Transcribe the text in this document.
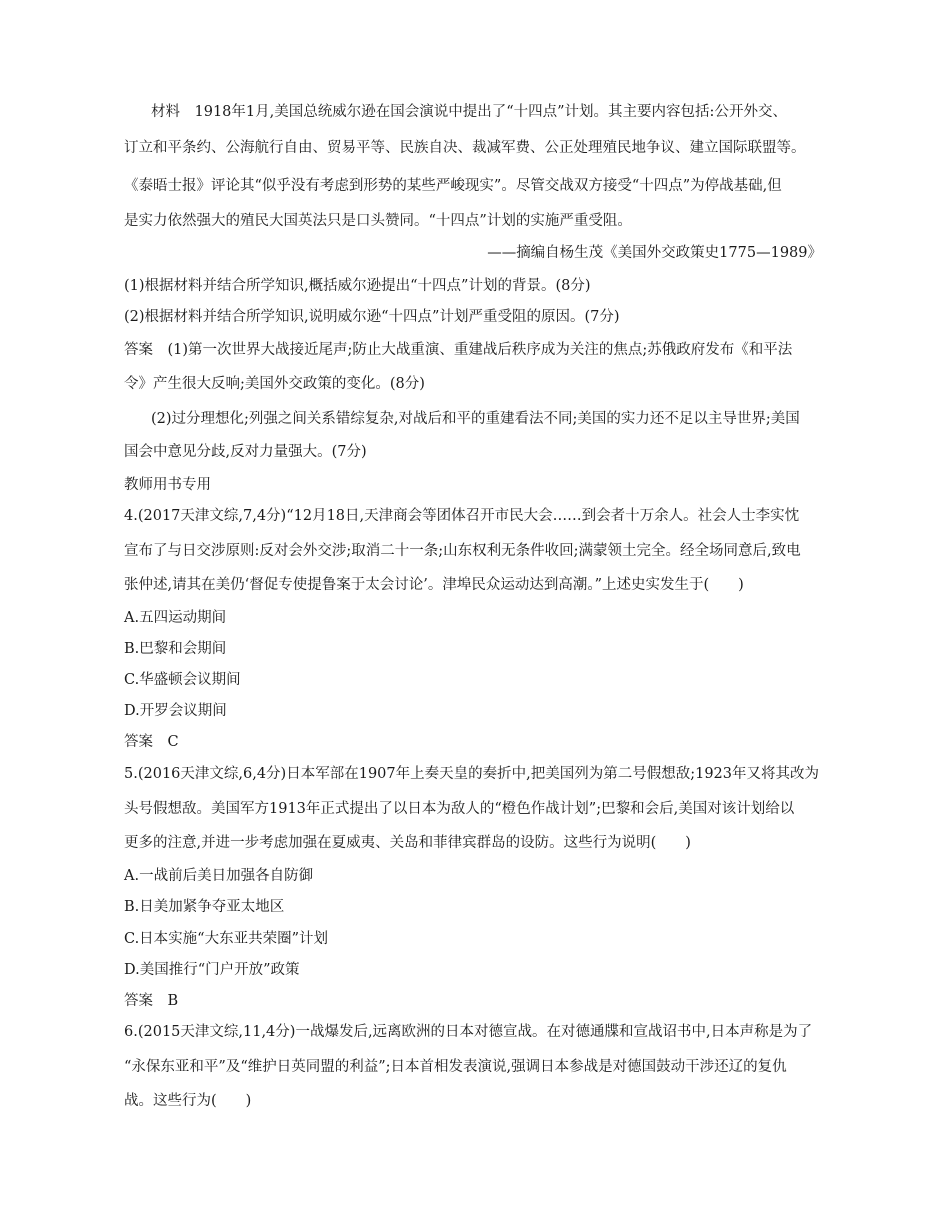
材料　1918年1月,美国总统威尔逊在国会演说中提出了“十四点”计划。其主要内容包括:公开外交、
订立和平条约、公海航行自由、贸易平等、民族自决、裁减军费、公正处理殖民地争议、建立国际联盟等。
《泰晤士报》评论其“似乎没有考虑到形势的某些严峻现实”。尽管交战双方接受“十四点”为停战基础,但
是实力依然强大的殖民大国英法只是口头赞同。“十四点”计划的实施严重受阻。
——摘编自杨生茂《美国外交政策史1775—1989》
(1)根据材料并结合所学知识,概括威尔逊提出“十四点”计划的背景。(8分)
(2)根据材料并结合所学知识,说明威尔逊“十四点”计划严重受阻的原因。(7分)
答案　(1)第一次世界大战接近尾声;防止大战重演、重建战后秩序成为关注的焦点;苏俄政府发布《和平法
令》产生很大反响;美国外交政策的变化。(8分)
(2)过分理想化;列强之间关系错综复杂,对战后和平的重建看法不同;美国的实力还不足以主导世界;美国
国会中意见分歧,反对力量强大。(7分)
教师用书专用
4.(2017天津文综,7,4分)“12月18日,天津商会等团体召开市民大会……到会者十万余人。社会人士李实忱
宣布了与日交涉原则:反对会外交涉;取消二十一条;山东权利无条件收回;满蒙领土完全。经全场同意后,致电
张仲述,请其在美仍‘督促专使提鲁案于太会讨论’。津埠民众运动达到高潮。”上述史实发生于(　　)
A.五四运动期间
B.巴黎和会期间
C.华盛顿会议期间
D.开罗会议期间
答案　C
5.(2016天津文综,6,4分)日本军部在1907年上奏天皇的奏折中,把美国列为第二号假想敌;1923年又将其改为
头号假想敌。美国军方1913年正式提出了以日本为敌人的“橙色作战计划”;巴黎和会后,美国对该计划给以
更多的注意,并进一步考虑加强在夏威夷、关岛和菲律宾群岛的设防。这些行为说明(　　)
A.一战前后美日加强各自防御
B.日美加紧争夺亚太地区
C.日本实施“大东亚共荣圈”计划
D.美国推行“门户开放”政策
答案　B
6.(2015天津文综,11,4分)一战爆发后,远离欧洲的日本对德宣战。在对德通牒和宣战诏书中,日本声称是为了
“永保东亚和平”及“维护日英同盟的利益”;日本首相发表演说,强调日本参战是对德国鼓动干涉还辽的复仇
战。这些行为(　　)
